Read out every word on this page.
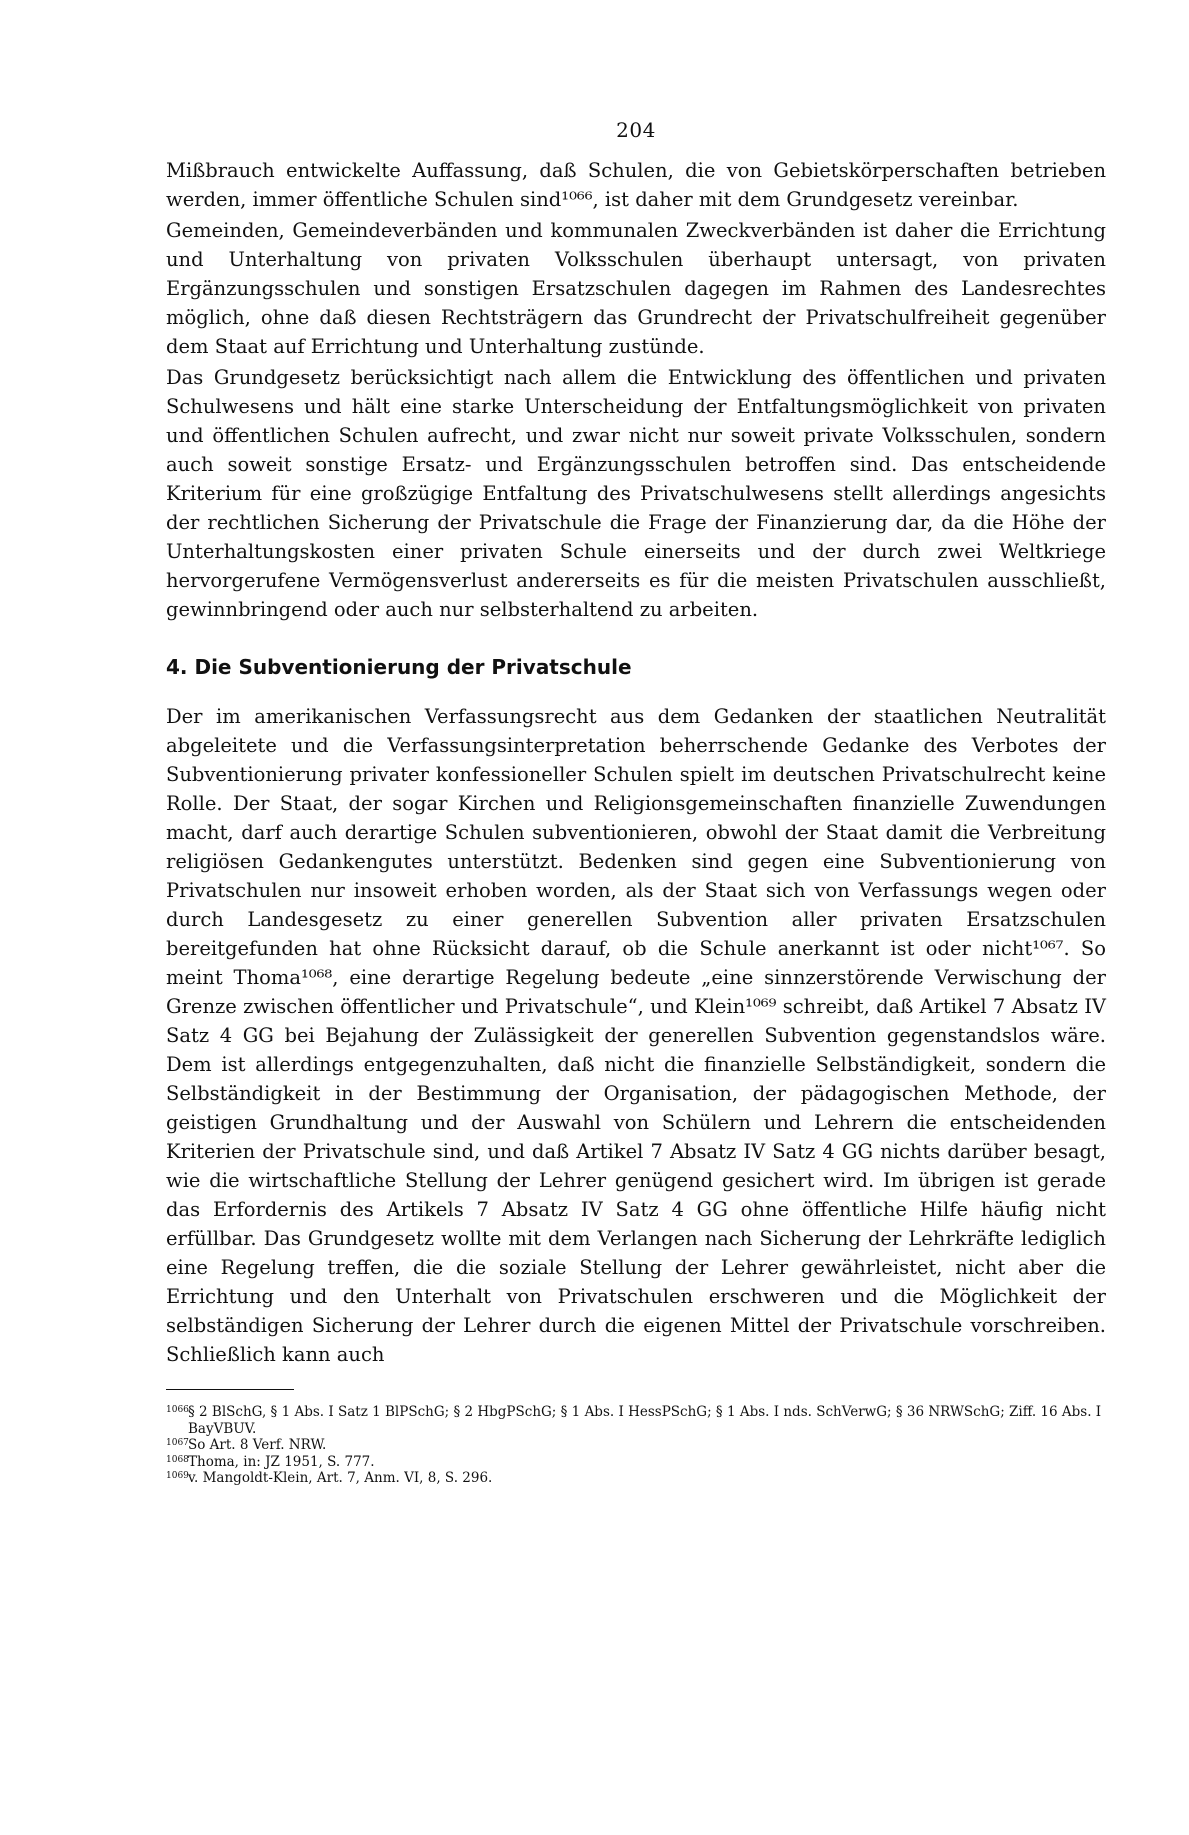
204

Mißbrauch entwickelte Auffassung, daß Schulen, die von Gebietskörperschaften betrieben werden, immer öffentliche Schulen sind¹⁰⁶⁶, ist daher mit dem Grundgesetz vereinbar.

Gemeinden, Gemeindeverbänden und kommunalen Zweckverbänden ist daher die Errichtung und Unterhaltung von privaten Volksschulen überhaupt untersagt, von privaten Ergänzungsschulen und sonstigen Ersatzschulen dagegen im Rahmen des Landesrechtes möglich, ohne daß diesen Rechtsträgern das Grundrecht der Privatschulfreiheit gegenüber dem Staat auf Errichtung und Unterhaltung zustünde.

Das Grundgesetz berücksichtigt nach allem die Entwicklung des öffentlichen und privaten Schulwesens und hält eine starke Unterscheidung der Entfaltungsmöglichkeit von privaten und öffentlichen Schulen aufrecht, und zwar nicht nur soweit private Volksschulen, sondern auch soweit sonstige Ersatz- und Ergänzungsschulen betroffen sind. Das entscheidende Kriterium für eine großzügige Entfaltung des Privatschulwesens stellt allerdings angesichts der rechtlichen Sicherung der Privatschule die Frage der Finanzierung dar, da die Höhe der Unterhaltungskosten einer privaten Schule einerseits und der durch zwei Weltkriege hervorgerufene Vermögensverlust andererseits es für die meisten Privatschulen ausschließt, gewinnbringend oder auch nur selbsterhaltend zu arbeiten.

4. Die Subventionierung der Privatschule

Der im amerikanischen Verfassungsrecht aus dem Gedanken der staatlichen Neutralität abgeleitete und die Verfassungsinterpretation beherrschende Gedanke des Verbotes der Subventionierung privater konfessioneller Schulen spielt im deutschen Privatschulrecht keine Rolle. Der Staat, der sogar Kirchen und Religionsgemeinschaften finanzielle Zuwendungen macht, darf auch derartige Schulen subventionieren, obwohl der Staat damit die Verbreitung religiösen Gedankengutes unterstützt. Bedenken sind gegen eine Subventionierung von Privatschulen nur insoweit erhoben worden, als der Staat sich von Verfassungs wegen oder durch Landesgesetz zu einer generellen Subvention aller privaten Ersatzschulen bereitgefunden hat ohne Rücksicht darauf, ob die Schule anerkannt ist oder nicht¹⁰⁶⁷. So meint Thoma¹⁰⁶⁸, eine derartige Regelung bedeute „eine sinnzerstörende Verwischung der Grenze zwischen öffentlicher und Privatschule“, und Klein¹⁰⁶⁹ schreibt, daß Artikel 7 Absatz IV Satz 4 GG bei Bejahung der Zulässigkeit der generellen Subvention gegenstandslos wäre. Dem ist allerdings entgegenzuhalten, daß nicht die finanzielle Selbständigkeit, sondern die Selbständigkeit in der Bestimmung der Organisation, der pädagogischen Methode, der geistigen Grundhaltung und der Auswahl von Schülern und Lehrern die entscheidenden Kriterien der Privatschule sind, und daß Artikel 7 Absatz IV Satz 4 GG nichts darüber besagt, wie die wirtschaftliche Stellung der Lehrer genügend gesichert wird. Im übrigen ist gerade das Erfordernis des Artikels 7 Absatz IV Satz 4 GG ohne öffentliche Hilfe häufig nicht erfüllbar. Das Grundgesetz wollte mit dem Verlangen nach Sicherung der Lehrkräfte lediglich eine Regelung treffen, die die soziale Stellung der Lehrer gewährleistet, nicht aber die Errichtung und den Unterhalt von Privatschulen erschweren und die Möglichkeit der selbständigen Sicherung der Lehrer durch die eigenen Mittel der Privatschule vorschreiben. Schließlich kann auch

1066 § 2 BlSchG, § 1 Abs. I Satz 1 BlPSchG; § 2 HbgPSchG; § 1 Abs. I HessPSchG; § 1 Abs. I nds. SchVerwG; § 36 NRWSchG; Ziff. 16 Abs. I BayVBUV.
1067 So Art. 8 Verf. NRW.
1068 Thoma, in: JZ 1951, S. 777.
1069 v. Mangoldt-Klein, Art. 7, Anm. VI, 8, S. 296.
